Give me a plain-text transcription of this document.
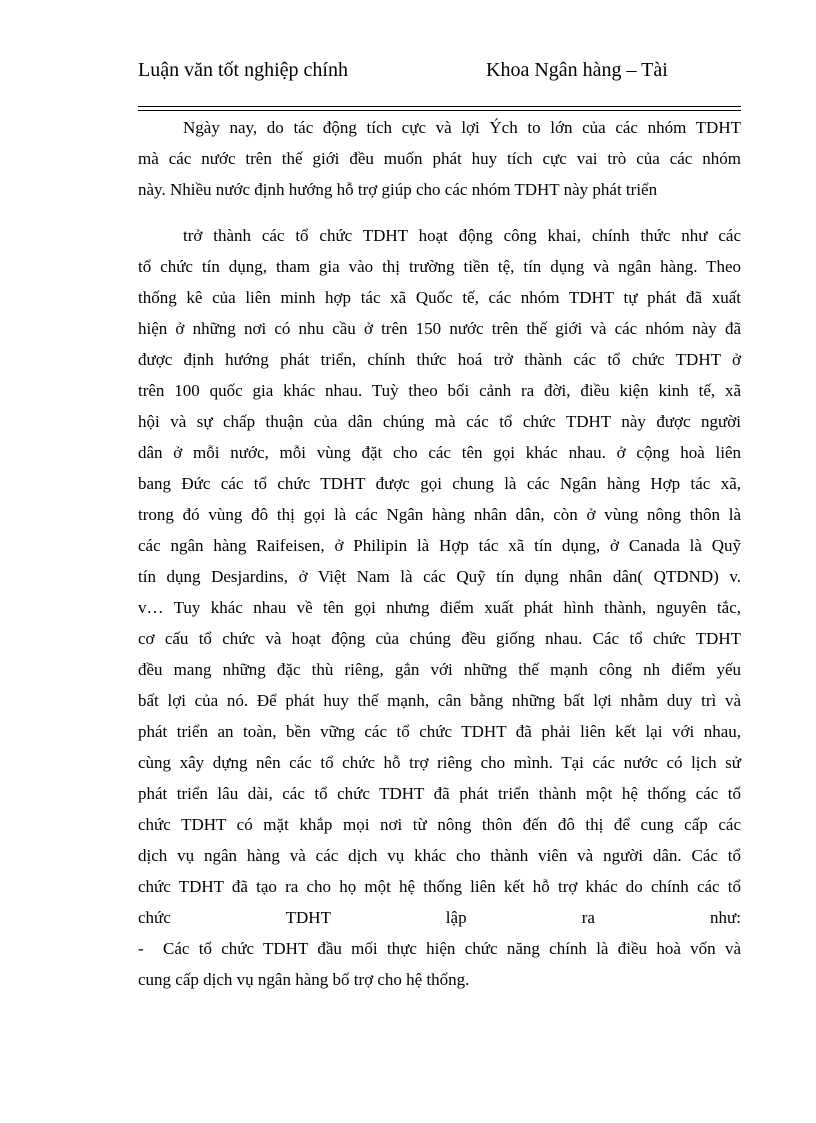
Luận văn tốt nghiệp chính	Khoa Ngân hàng – Tài
Ngày nay, do tác động tích cực và lợi Ých to lớn của các nhóm TDHT
mà các nước trên thế giới đều muốn phát huy tích cực vai trò của các nhóm
này. Nhiều nước định hướng hỗ trợ giúp cho các nhóm TDHT này phát triển
trở thành các tổ chức TDHT hoạt động công khai, chính thức như các
tổ chức tín dụng, tham gia vào thị trường tiền tệ, tín dụng và ngân hàng. Theo
thống kê của liên minh hợp tác xã Quốc tế, các nhóm TDHT tự phát đã xuất
hiện ở những nơi có nhu cầu ở trên 150 nước trên thế giới và các nhóm này đã
được định hướng phát triển, chính thức hoá trở thành các tổ chức TDHT ở
trên 100 quốc gia khác nhau. Tuỳ theo bối cảnh ra đời, điều kiện kinh tế, xã
hội và sự chấp thuận của dân chúng mà các tổ chức TDHT này được người
dân ở mỗi nước, mỗi vùng đặt cho các tên gọi khác nhau. ở cộng hoà liên
bang Đức các tổ chức TDHT được gọi chung là các Ngân hàng Hợp tác xã,
trong đó vùng đô thị gọi là các Ngân hàng nhân dân, còn ở vùng nông thôn là
các ngân hàng Raifeisen, ở Philipin là Hợp tác xã tín dụng, ở Canada là Quỹ
tín dụng Desjardins, ở Việt Nam là các Quỹ tín dụng nhân dân( QTDND) v.
v… Tuy khác nhau về tên gọi nhưng điểm xuất phát hình thành, nguyên tắc,
cơ cấu tổ chức và hoạt động của chúng đều giống nhau. Các tổ chức TDHT
đều mang những đặc thù riêng, gắn với những thế mạnh công nh điểm yếu
bất lợi của nó. Để phát huy thế mạnh, cân bằng những bất lợi nhằm duy trì và
phát triển an toàn, bền vững các tổ chức TDHT đã phải liên kết lại với nhau,
cùng xây dựng nên các tổ chức hỗ trợ riêng cho mình. Tại các nước có lịch sử
phát triển lâu dài, các tổ chức TDHT đã phát triển thành một hệ thống các tổ
chức TDHT có mặt khắp mọi nơi từ nông thôn đến đô thị để cung cấp các
dịch vụ ngân hàng và các dịch vụ khác cho thành viên và người dân. Các tổ
chức TDHT đã tạo ra cho họ một hệ thống liên kết hỗ trợ khác do chính các tổ
chức TDHT lập ra như:
- Các tổ chức TDHT đầu mối thực hiện chức năng chính là điều hoà vốn và
cung cấp dịch vụ ngân hàng bổ trợ cho hệ thống.
